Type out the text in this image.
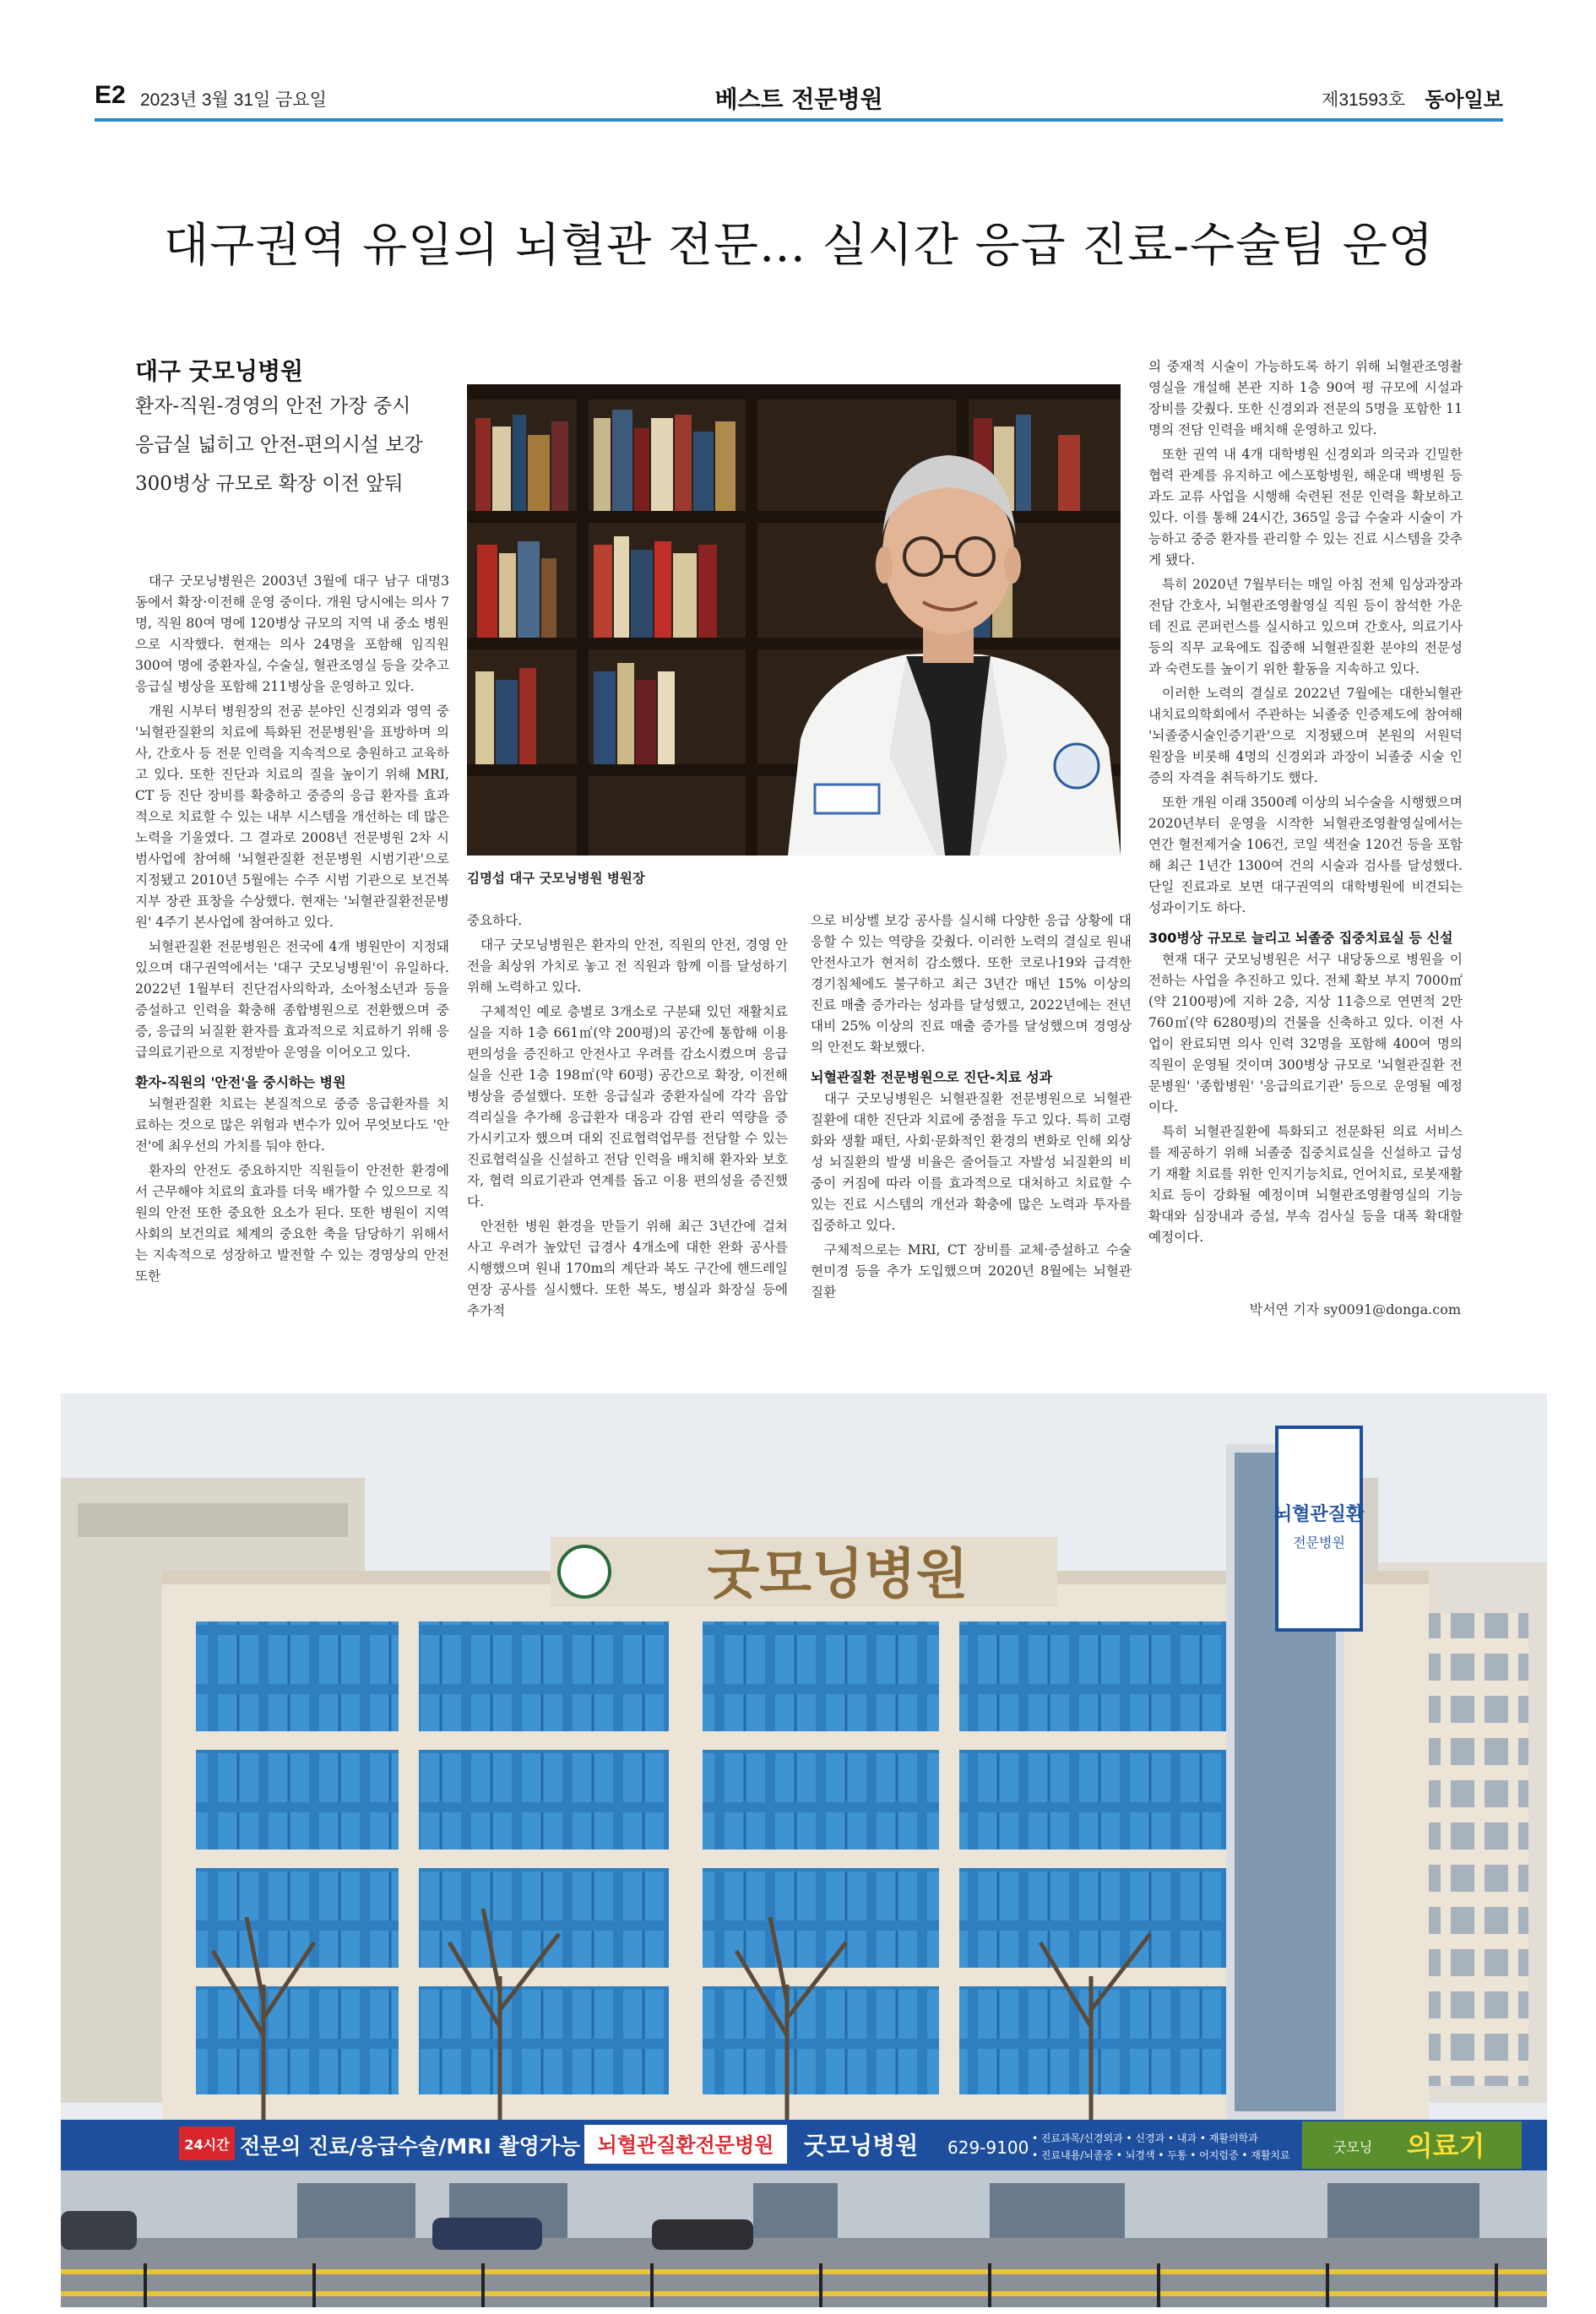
E2 2023년 3월 31일 금요일	베스트 전문병원	제31593호 동아일보
대구권역 유일의 뇌혈관 전문… 실시간 응급 진료-수술팀 운영
대구 굿모닝병원
환자-직원-경영의 안전 가장 중시
응급실 넓히고 안전-편의시설 보강
300병상 규모로 확장 이전 앞둬
김명섭 대구 굿모닝병원 병원장

대구 굿모닝병원은 2003년 3월에 대구 남구 대명3동에서 확장·이전해 운영 중이다. 개원 당시에는 의사 7명, 직원 80여 명에 120병상 규모의 지역 내 중소 병원으로 시작했다. 현재는 의사 24명을 포함해 임직원 300여 명에 중환자실, 수술실, 혈관조영실 등을 갖추고 응급실 병상을 포함해 211병상을 운영하고 있다.

개원 시부터 병원장의 전공 분야인 신경외과 영역 중 '뇌혈관질환의 치료에 특화된 전문병원'을 표방하며 의사, 간호사 등 전문 인력을 지속적으로 충원하고 교육하고 있다. 또한 진단과 치료의 질을 높이기 위해 MRI, CT 등 진단 장비를 확충하고 중증의 응급 환자를 효과적으로 치료할 수 있는 내부 시스템을 개선하는 데 많은 노력을 기울였다. 그 결과로 2008년 전문병원 2차 시범사업에 참여해 '뇌혈관질환 전문병원 시범기관'으로 지정됐고 2010년 5월에는 수주 시범 기관으로 보건복지부 장관 표창을 수상했다. 현재는 '뇌혈관질환전문병원' 4주기 본사업에 참여하고 있다.

뇌혈관질환 전문병원은 전국에 4개 병원만이 지정돼 있으며 대구권역에서는 '대구 굿모닝병원'이 유일하다. 2022년 1월부터 진단검사의학과, 소아청소년과 등을 증설하고 인력을 확충해 종합병원으로 전환했으며 중증, 응급의 뇌질환 환자를 효과적으로 치료하기 위해 응급의료기관으로 지정받아 운영을 이어오고 있다.

환자-직원의 '안전'을 중시하는 병원

뇌혈관질환 치료는 본질적으로 중증 응급환자를 치료하는 것으로 많은 위험과 변수가 있어 무엇보다도 '안전'에 최우선의 가치를 둬야 한다.

환자의 안전도 중요하지만 직원들이 안전한 환경에서 근무해야 치료의 효과를 더욱 배가할 수 있으므로 직원의 안전 또한 중요한 요소가 된다. 또한 병원이 지역사회의 보건의료 체계의 중요한 축을 담당하기 위해서는 지속적으로 성장하고 발전할 수 있는 경영상의 안전 또한

중요하다.

대구 굿모닝병원은 환자의 안전, 직원의 안전, 경영 안전을 최상위 가치로 놓고 전 직원과 함께 이를 달성하기 위해 노력하고 있다.

구체적인 예로 층별로 3개소로 구분돼 있던 재활치료실을 지하 1층 661㎡(약 200평)의 공간에 통합해 이용 편의성을 증진하고 안전사고 우려를 감소시켰으며 응급실을 신관 1층 198㎡(약 60평) 공간으로 확장, 이전해 병상을 증설했다. 또한 응급실과 중환자실에 각각 음압격리실을 추가해 응급환자 대응과 감염 관리 역량을 증가시키고자 했으며 대외 진료협력업무를 전담할 수 있는 진료협력실을 신설하고 전담 인력을 배치해 환자와 보호자, 협력 의료기관과 연계를 돕고 이용 편의성을 증진했다.

안전한 병원 환경을 만들기 위해 최근 3년간에 걸쳐 사고 우려가 높았던 급경사 4개소에 대한 완화 공사를 시행했으며 원내 170m의 계단과 복도 구간에 핸드레일 연장 공사를 실시했다. 또한 복도, 병실과 화장실 등에 추가적

으로 비상벨 보강 공사를 실시해 다양한 응급 상황에 대응할 수 있는 역량을 갖췄다. 이러한 노력의 결실로 원내 안전사고가 현저히 감소했다. 또한 코로나19와 급격한 경기침체에도 불구하고 최근 3년간 매년 15% 이상의 진료 매출 증가라는 성과를 달성했고, 2022년에는 전년 대비 25% 이상의 진료 매출 증가를 달성했으며 경영상의 안전도 확보했다.

뇌혈관질환 전문병원으로 진단-치료 성과

대구 굿모닝병원은 뇌혈관질환 전문병원으로 뇌혈관질환에 대한 진단과 치료에 중점을 두고 있다. 특히 고령화와 생활 패턴, 사회·문화적인 환경의 변화로 인해 외상성 뇌질환의 발생 비율은 줄어들고 자발성 뇌질환의 비중이 커짐에 따라 이를 효과적으로 대처하고 치료할 수 있는 진료 시스템의 개선과 확충에 많은 노력과 투자를 집중하고 있다.

구체적으로는 MRI, CT 장비를 교체·증설하고 수술 현미경 등을 추가 도입했으며 2020년 8월에는 뇌혈관질환

의 중재적 시술이 가능하도록 하기 위해 뇌혈관조영촬영실을 개설해 본관 지하 1층 90여 평 규모에 시설과 장비를 갖췄다. 또한 신경외과 전문의 5명을 포함한 11명의 전담 인력을 배치해 운영하고 있다.

또한 권역 내 4개 대학병원 신경외과 의국과 긴밀한 협력 관계를 유지하고 에스포항병원, 해운대 백병원 등과도 교류 사업을 시행해 숙련된 전문 인력을 확보하고 있다. 이를 통해 24시간, 365일 응급 수술과 시술이 가능하고 중증 환자를 관리할 수 있는 진료 시스템을 갖추게 됐다.

특히 2020년 7월부터는 매일 아침 전체 임상과장과 전담 간호사, 뇌혈관조영촬영실 직원 등이 참석한 가운데 진료 콘퍼런스를 실시하고 있으며 간호사, 의료기사 등의 직무 교육에도 집중해 뇌혈관질환 분야의 전문성과 숙련도를 높이기 위한 활동을 지속하고 있다.

이러한 노력의 결실로 2022년 7월에는 대한뇌혈관내치료의학회에서 주관하는 뇌졸중 인증제도에 참여해 '뇌졸중시술인증기관'으로 지정됐으며 본원의 서원덕 원장을 비롯해 4명의 신경외과 과장이 뇌졸중 시술 인증의 자격을 취득하기도 했다.

또한 개원 이래 3500례 이상의 뇌수술을 시행했으며 2020년부터 운영을 시작한 뇌혈관조영촬영실에서는 연간 혈전제거술 106건, 코일 색전술 120건 등을 포함해 최근 1년간 1300여 건의 시술과 검사를 달성했다. 단일 진료과로 보면 대구권역의 대학병원에 비견되는 성과이기도 하다.

300병상 규모로 늘리고 뇌졸중 집중치료실 등 신설

현재 대구 굿모닝병원은 서구 내당동으로 병원을 이전하는 사업을 추진하고 있다. 전체 확보 부지 7000㎡(약 2100평)에 지하 2층, 지상 11층으로 연면적 2만760㎡(약 6280평)의 건물을 신축하고 있다. 이전 사업이 완료되면 의사 인력 32명을 포함해 400여 명의 직원이 운영될 것이며 300병상 규모로 '뇌혈관질환 전문병원' '종합병원' '응급의료기관' 등으로 운영될 예정이다.

특히 뇌혈관질환에 특화되고 전문화된 의료 서비스를 제공하기 위해 뇌졸중 집중치료실을 신설하고 급성기 재활 치료를 위한 인지기능치료, 언어치료, 로봇재활치료 등이 강화될 예정이며 뇌혈관조영촬영실의 기능 확대와 심장내과 증설, 부속 검사실 등을 대폭 확대할 예정이다.

박서연 기자 sy0091@donga.com
굿모닝병원
뇌혈관질환
전문병원
24시간 전문의 진료/응급수술/MRI 촬영가능 뇌혈관질환전문병원 굿모닝병원 629-9100 • 진료과목/신경외과 • 신경과 • 내과 • 재활의학과
• 진료내용/뇌졸중 • 뇌경색 • 두통 • 어지럼증 • 재활치료	굿모닝 의료기
